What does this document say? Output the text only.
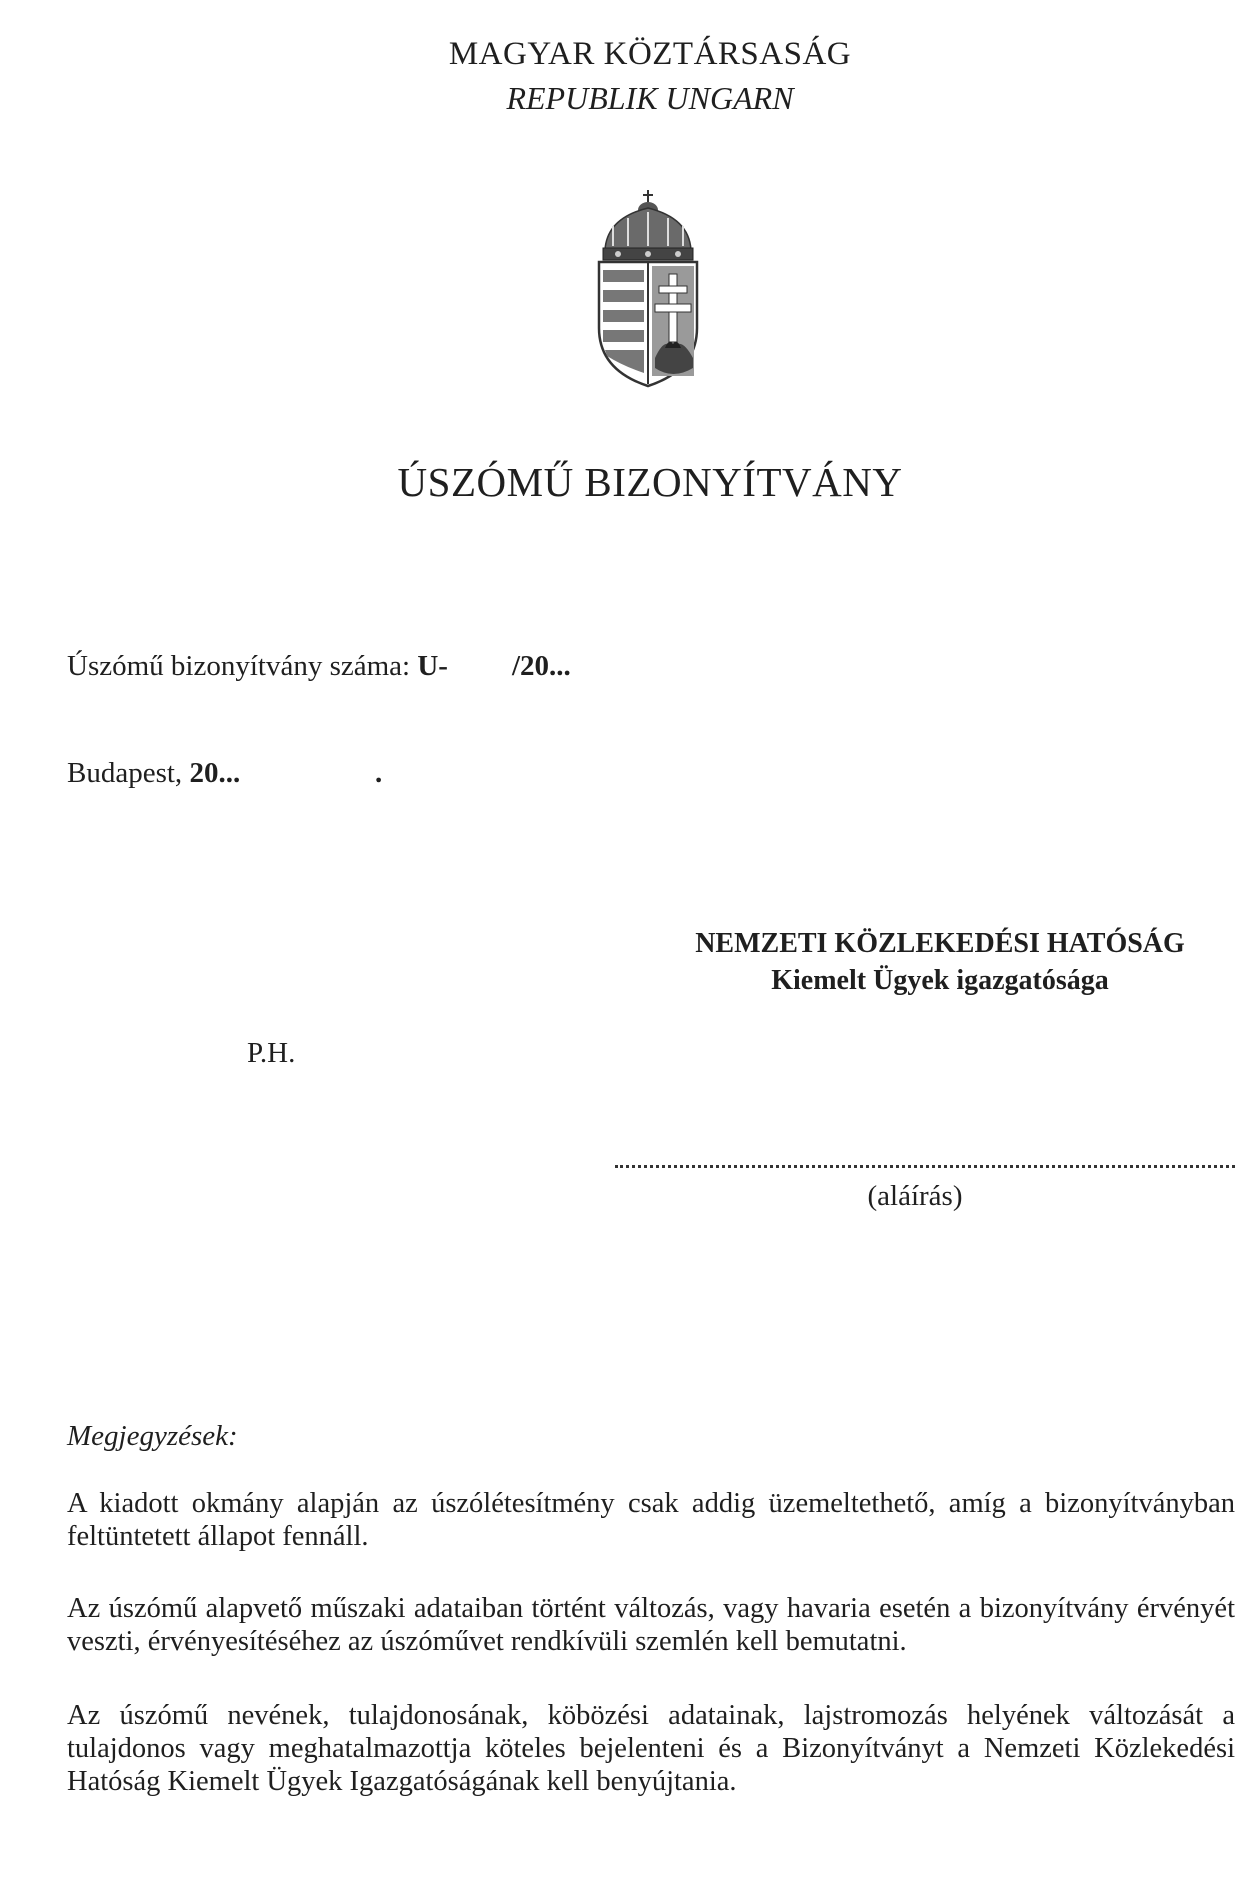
MAGYAR KÖZTÁRSASÁG
REPUBLIK UNGARN
ÚSZÓMŰ BIZONYÍTVÁNY
Úszómű bizonyítvány száma: U- /20...
Budapest, 20...	.
NEMZETI KÖZLEKEDÉSI HATÓSÁG
Kiemelt Ügyek igazgatósága
P.H.
(aláírás)
Megjegyzések:
A kiadott okmány alapján az úszólétesítmény csak addig üzemeltethető, amíg a bizonyítványban feltüntetett állapot fennáll.
Az úszómű alapvető műszaki adataiban történt változás, vagy havaria esetén a bizonyítvány érvényét veszti, érvényesítéséhez az úszóművet rendkívüli szemlén kell bemutatni.
Az úszómű nevének, tulajdonosának, köbözési adatainak, lajstromozás helyének változását a tulajdonos vagy meghatalmazottja köteles bejelenteni és a Bizonyítványt a Nemzeti Közlekedési Hatóság Kiemelt Ügyek Igazgatóságának kell benyújtania.
